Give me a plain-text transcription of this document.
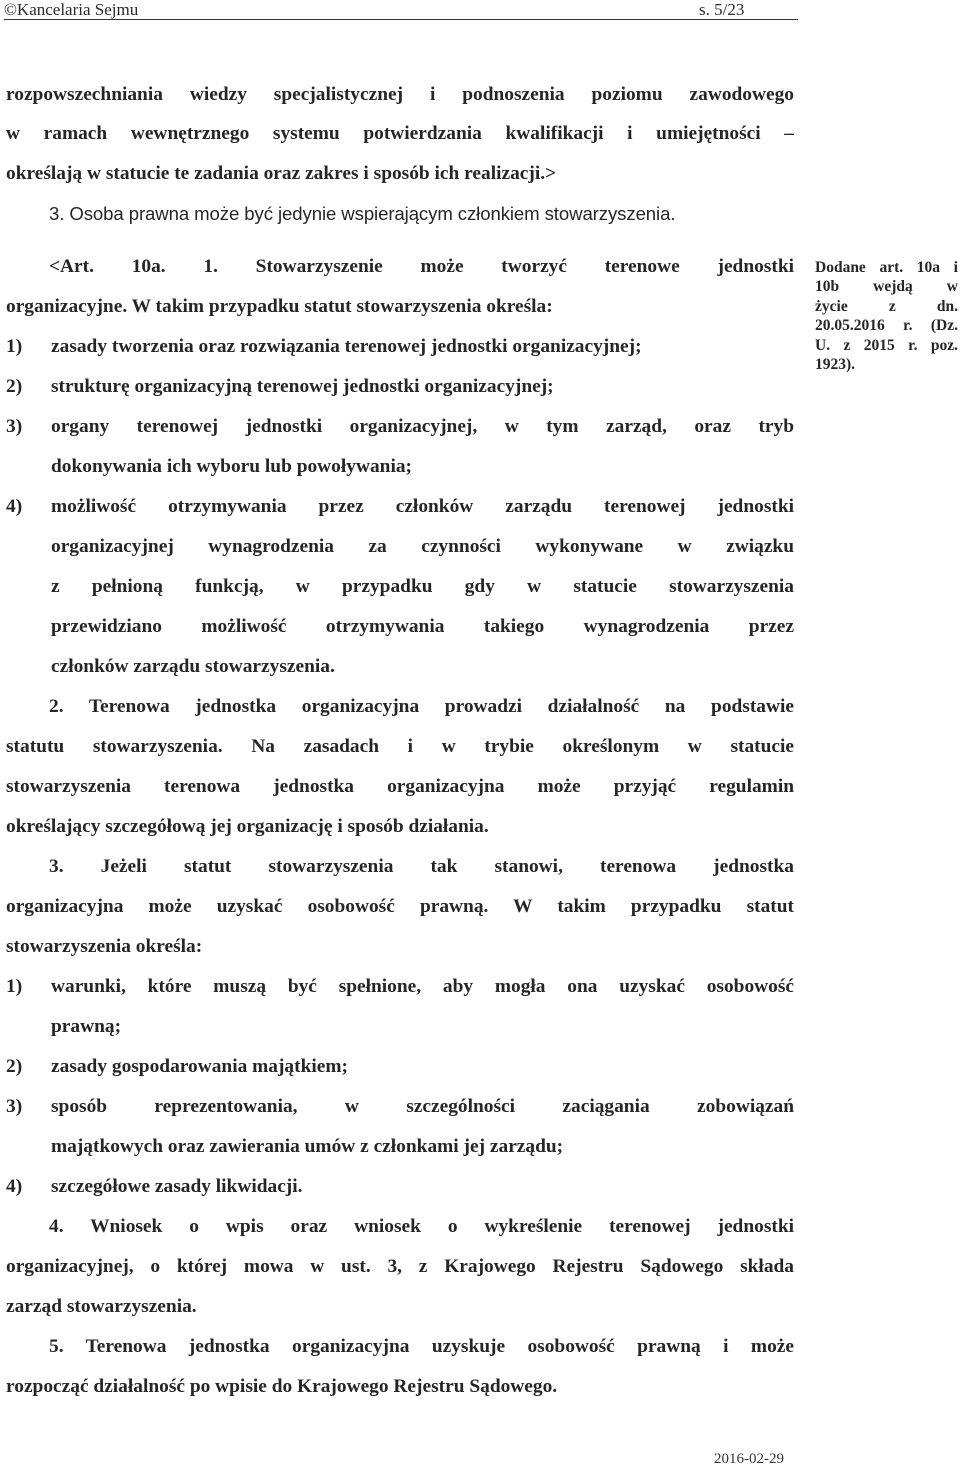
©Kancelaria Sejmu	s. 5/23
rozpowszechniania wiedzy specjalistycznej i podnoszenia poziomu zawodowego
w ramach wewnętrznego systemu potwierdzania kwalifikacji i umiejętności –
określają w statucie te zadania oraz zakres i sposób ich realizacji.>
3. Osoba prawna może być jedynie wspierającym członkiem stowarzyszenia.
<Art. 10a. 1. Stowarzyszenie może tworzyć terenowe jednostki
organizacyjne. W takim przypadku statut stowarzyszenia określa:
1) zasady tworzenia oraz rozwiązania terenowej jednostki organizacyjnej;
2) strukturę organizacyjną terenowej jednostki organizacyjnej;
3) organy terenowej jednostki organizacyjnej, w tym zarząd, oraz tryb
dokonywania ich wyboru lub powoływania;
4) możliwość otrzymywania przez członków zarządu terenowej jednostki
organizacyjnej wynagrodzenia za czynności wykonywane w związku
z pełnioną funkcją, w przypadku gdy w statucie stowarzyszenia
przewidziano możliwość otrzymywania takiego wynagrodzenia przez
członków zarządu stowarzyszenia.
2. Terenowa jednostka organizacyjna prowadzi działalność na podstawie
statutu stowarzyszenia. Na zasadach i w trybie określonym w statucie
stowarzyszenia terenowa jednostka organizacyjna może przyjąć regulamin
określający szczegółową jej organizację i sposób działania.
3. Jeżeli statut stowarzyszenia tak stanowi, terenowa jednostka
organizacyjna może uzyskać osobowość prawną. W takim przypadku statut
stowarzyszenia określa:
1) warunki, które muszą być spełnione, aby mogła ona uzyskać osobowość
prawną;
2) zasady gospodarowania majątkiem;
3) sposób reprezentowania, w szczególności zaciągania zobowiązań
majątkowych oraz zawierania umów z członkami jej zarządu;
4) szczegółowe zasady likwidacji.
4. Wniosek o wpis oraz wniosek o wykreślenie terenowej jednostki
organizacyjnej, o której mowa w ust. 3, z Krajowego Rejestru Sądowego składa
zarząd stowarzyszenia.
5. Terenowa jednostka organizacyjna uzyskuje osobowość prawną i może
rozpocząć działalność po wpisie do Krajowego Rejestru Sądowego.
Dodane art. 10a i
10b wejdą w
życie z dn.
20.05.2016 r. (Dz.
U. z 2015 r. poz.
1923).
2016-02-29
